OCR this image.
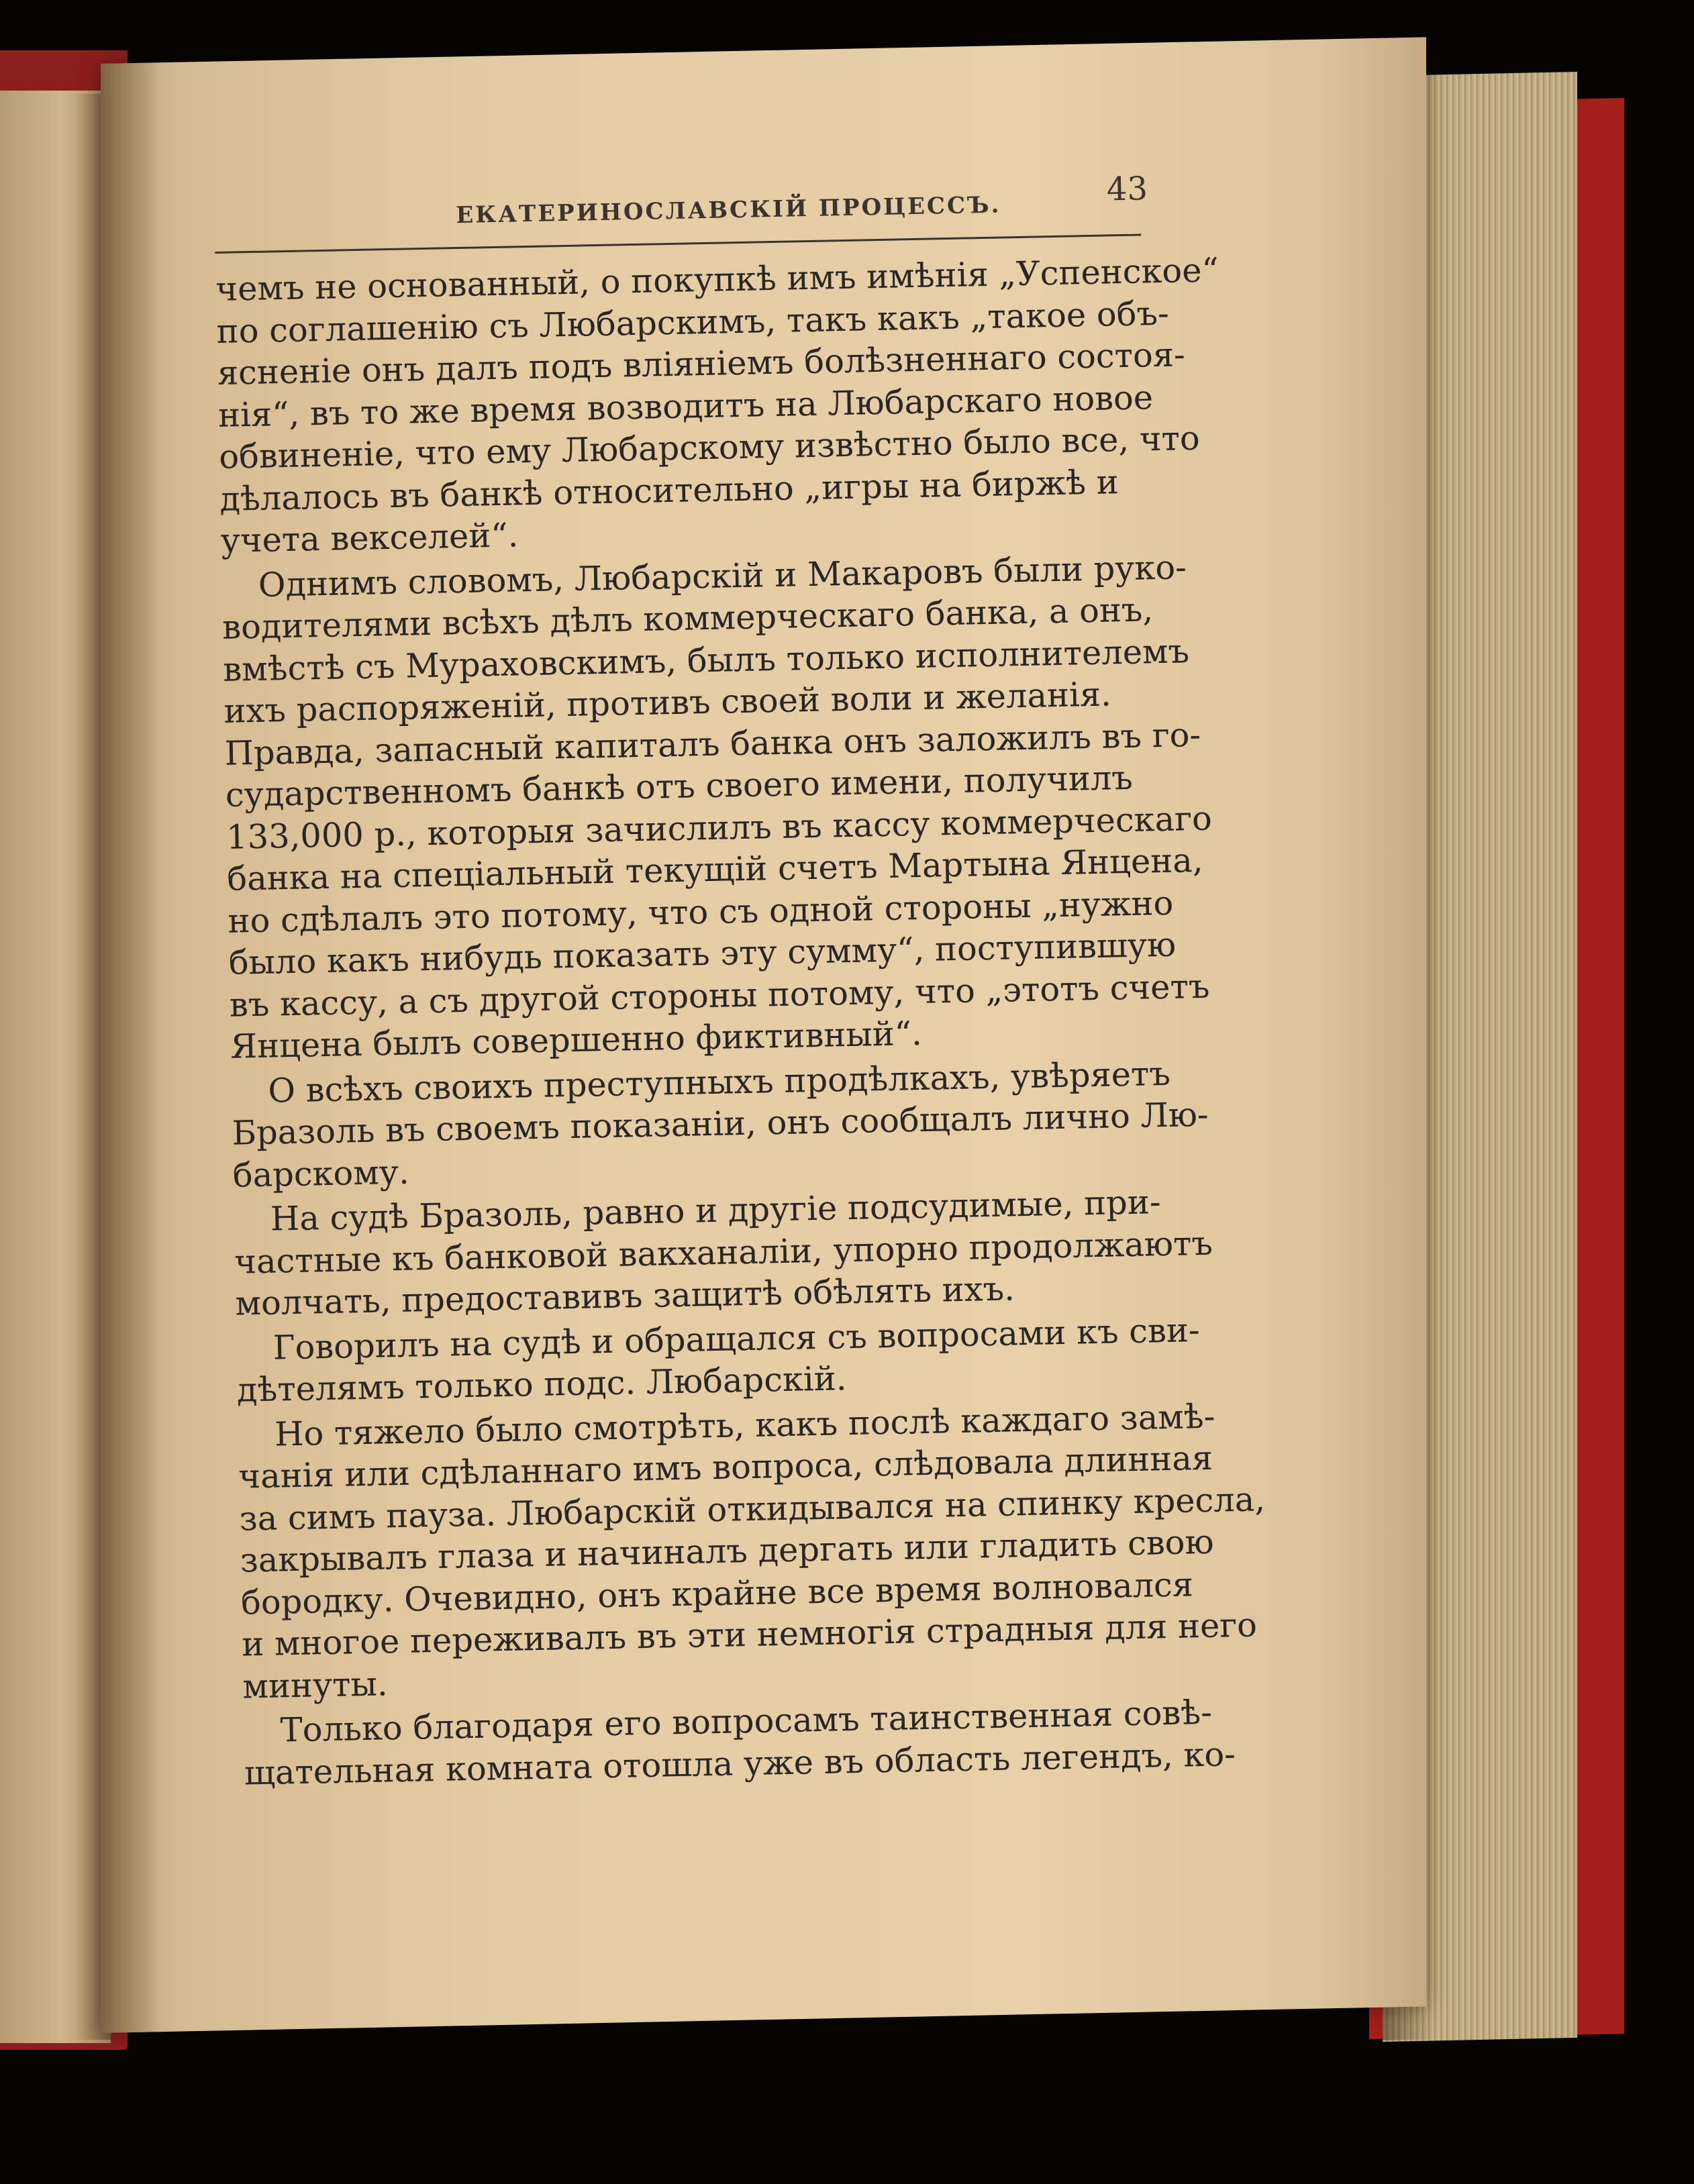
ЕКАТЕРИНОСЛАВСКІЙ ПРОЦЕССЪ.
43

чемъ не основанный, о покупкѣ имъ имѣнія „Успенское“
по соглашенію съ Любарскимъ, такъ какъ „такое объ-
ясненіе онъ далъ подъ вліяніемъ болѣзненнаго состоя-
нія“, въ то же время возводитъ на Любарскаго новое
обвиненіе, что ему Любарскому извѣстно было все, что
дѣлалось въ банкѣ относительно „игры на биржѣ и
учета векселей“.

Однимъ словомъ, Любарскій и Макаровъ были руко-
водителями всѣхъ дѣлъ коммерческаго банка, а онъ,
вмѣстѣ съ Мураховскимъ, былъ только исполнителемъ
ихъ распоряженій, противъ своей воли и желанія.
Правда, запасный капиталъ банка онъ заложилъ въ го-
сударственномъ банкѣ отъ своего имени, получилъ
133,000 р., которыя зачислилъ въ кассу коммерческаго
банка на спеціальный текущій счетъ Мартына Янцена,
но сдѣлалъ это потому, что съ одной стороны „нужно
было какъ нибудь показать эту сумму“, поступившую
въ кассу, а съ другой стороны потому, что „этотъ счетъ
Янцена былъ совершенно фиктивный“.

О всѣхъ своихъ преступныхъ продѣлкахъ, увѣряетъ
Бразоль въ своемъ показаніи, онъ сообщалъ лично Лю-
барскому.

На судѣ Бразоль, равно и другіе подсудимые, при-
частные къ банковой вакханаліи, упорно продолжаютъ
молчать, предоставивъ защитѣ обѣлять ихъ.

Говорилъ на судѣ и обращался съ вопросами къ сви-
дѣтелямъ только подс. Любарскій.

Но тяжело было смотрѣть, какъ послѣ каждаго замѣ-
чанія или сдѣланнаго имъ вопроса, слѣдовала длинная
за симъ пауза. Любарскій откидывался на спинку кресла,
закрывалъ глаза и начиналъ дергать или гладить свою
бородку. Очевидно, онъ крайне все время волновался
и многое переживалъ въ эти немногія страдныя для него
минуты.

Только благодаря его вопросамъ таинственная совѣ-
щательная комната отошла уже въ область легендъ, ко-
